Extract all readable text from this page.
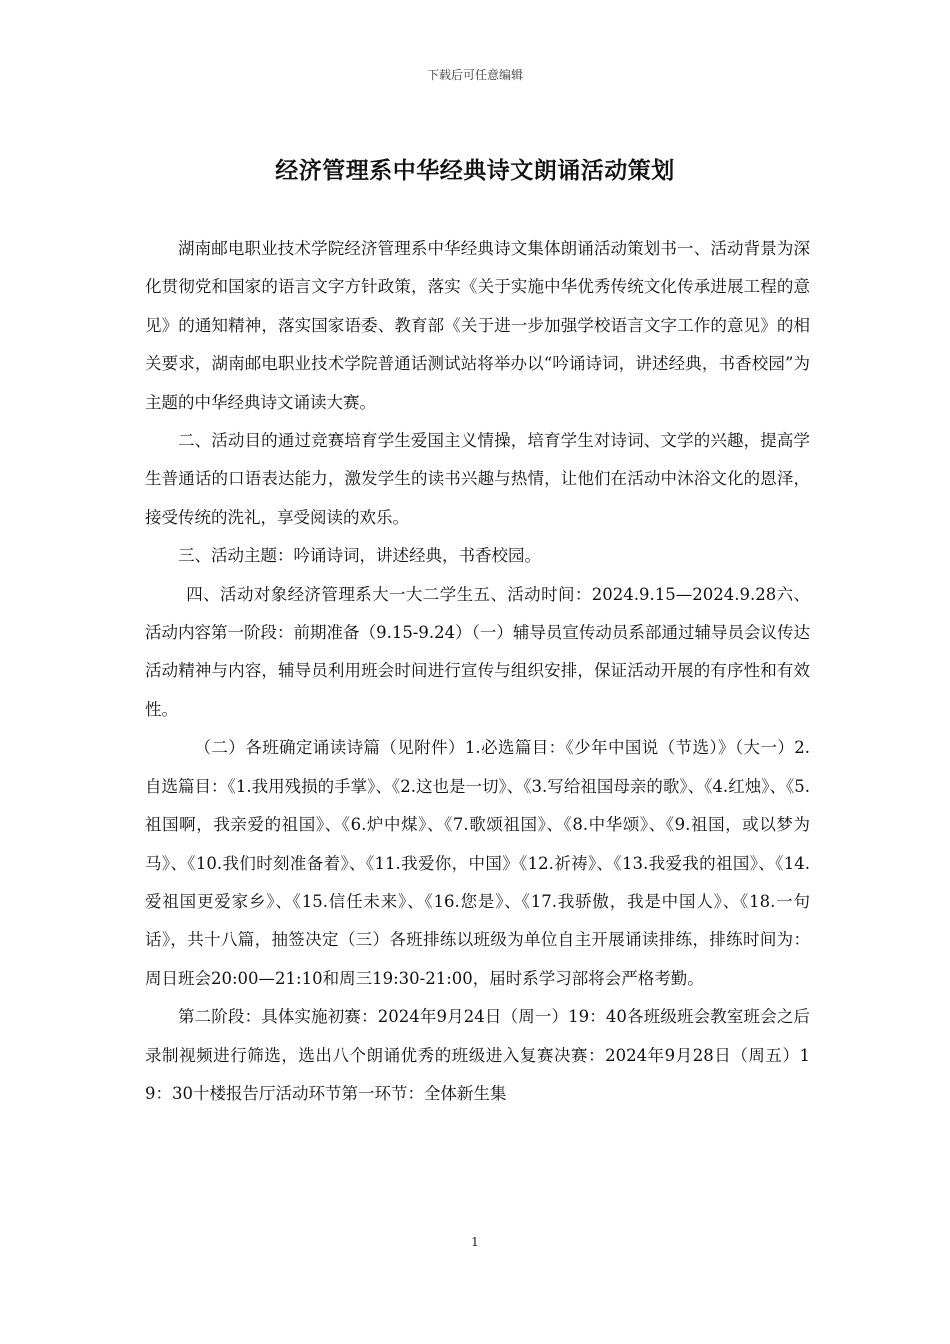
下载后可任意编辑
经济管理系中华经典诗文朗诵活动策划

湖南邮电职业技术学院经济管理系中华经典诗文集体朗诵活动策划书一、活动背景为深化贯彻党和国家的语言文字方针政策，落实《关于实施中华优秀传统文化传承进展工程的意见》的通知精神，落实国家语委、教育部《关于进一步加强学校语言文字工作的意见》的相关要求，湖南邮电职业技术学院普通话测试站将举办以“吟诵诗词，讲述经典，书香校园”为主题的中华经典诗文诵读大赛。

二、活动目的通过竞赛培育学生爱国主义情操，培育学生对诗词、文学的兴趣，提高学生普通话的口语表达能力，激发学生的读书兴趣与热情，让他们在活动中沐浴文化的恩泽，接受传统的洗礼，享受阅读的欢乐。

三、活动主题：吟诵诗词，讲述经典，书香校园。

四、活动对象经济管理系大一大二学生五、活动时间：2024.9.15—2024.9.28六、活动内容第一阶段：前期准备（9.15-9.24）（一）辅导员宣传动员系部通过辅导员会议传达活动精神与内容，辅导员利用班会时间进行宣传与组织安排，保证活动开展的有序性和有效性。

（二）各班确定诵读诗篇（见附件）1.必选篇目：《少年中国说（节选）》（大一）2.自选篇目：《1.我用残损的手掌》、《2.这也是一切》、《3.写给祖国母亲的歌》、《4.红烛》、《5.祖国啊，我亲爱的祖国》、《6.炉中煤》、《7.歌颂祖国》、《8.中华颂》、《9.祖国，或以梦为马》、《10.我们时刻准备着》、《11.我爱你，中国》《12.祈祷》、《13.我爱我的祖国》、《14.爱祖国更爱家乡》、《15.信任未来》、《16.您是》、《17.我骄傲，我是中国人》、《18.一句话》，共十八篇，抽签决定（三）各班排练以班级为单位自主开展诵读排练，排练时间为：周日班会20:00—21:10和周三19:30-21:00，届时系学习部将会严格考勤。

第二阶段：具体实施初赛：2024年9月24日（周一）19：40各班级班会教室班会之后录制视频进行筛选，选出八个朗诵优秀的班级进入复赛决赛：2024年9月28日（周五）19：30十楼报告厅活动环节第一环节：全体新生集

1
